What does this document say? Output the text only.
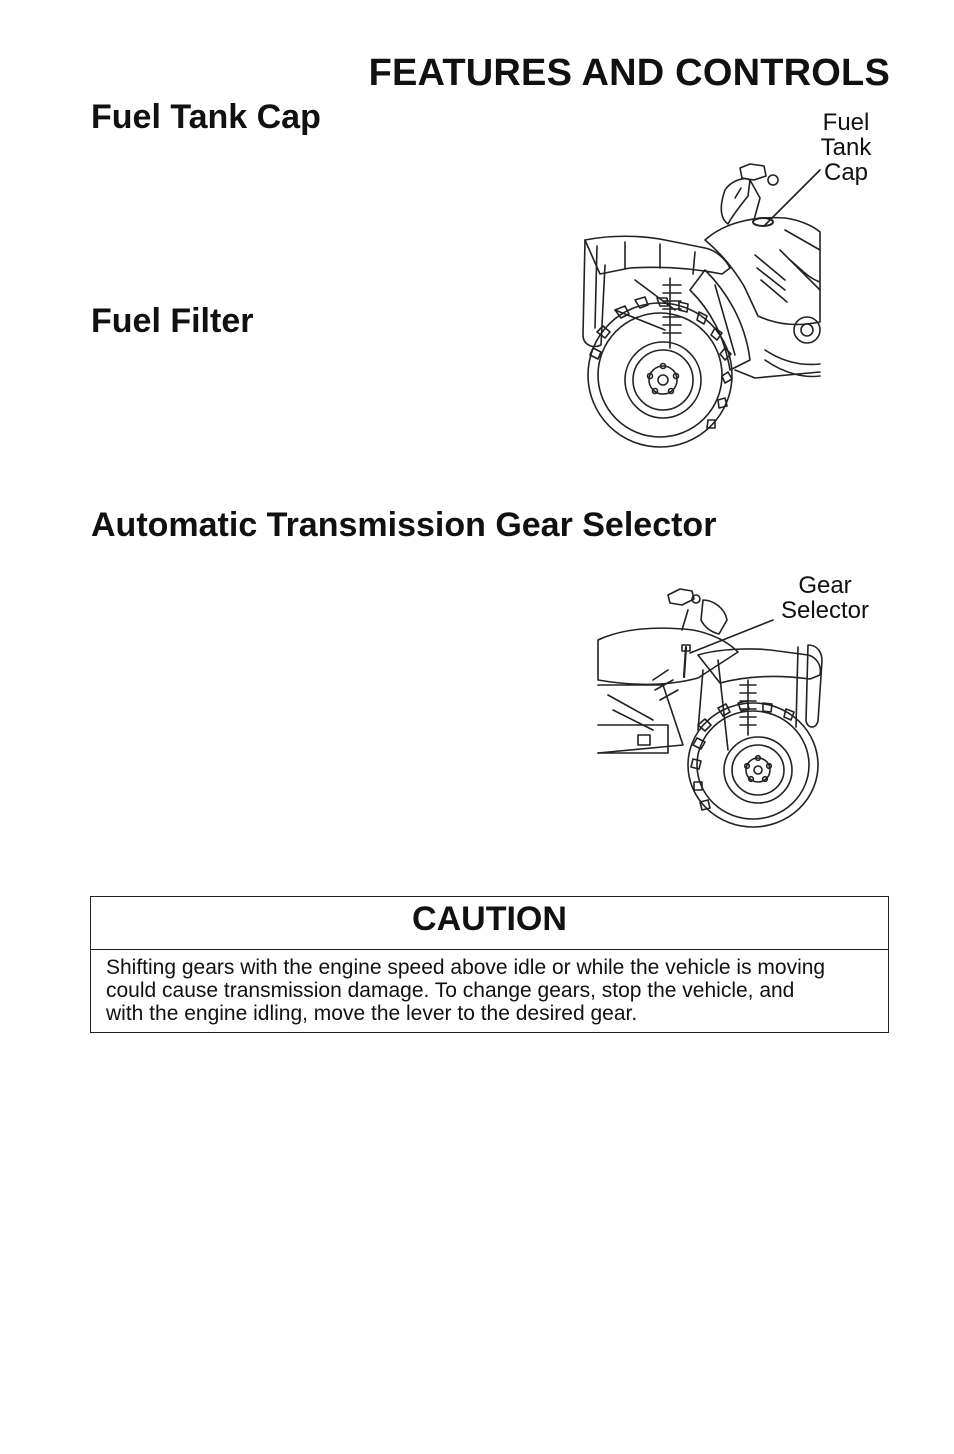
FEATURES AND CONTROLS
Fuel Tank Cap
Fuel Filter
Automatic Transmission Gear Selector
Fuel
Tank
Cap
Gear
Selector
CAUTION
Shifting gears with the engine speed above idle or while the vehicle is moving
could cause transmission damage. To change gears, stop the vehicle, and
with the engine idling, move the lever to the desired gear.
